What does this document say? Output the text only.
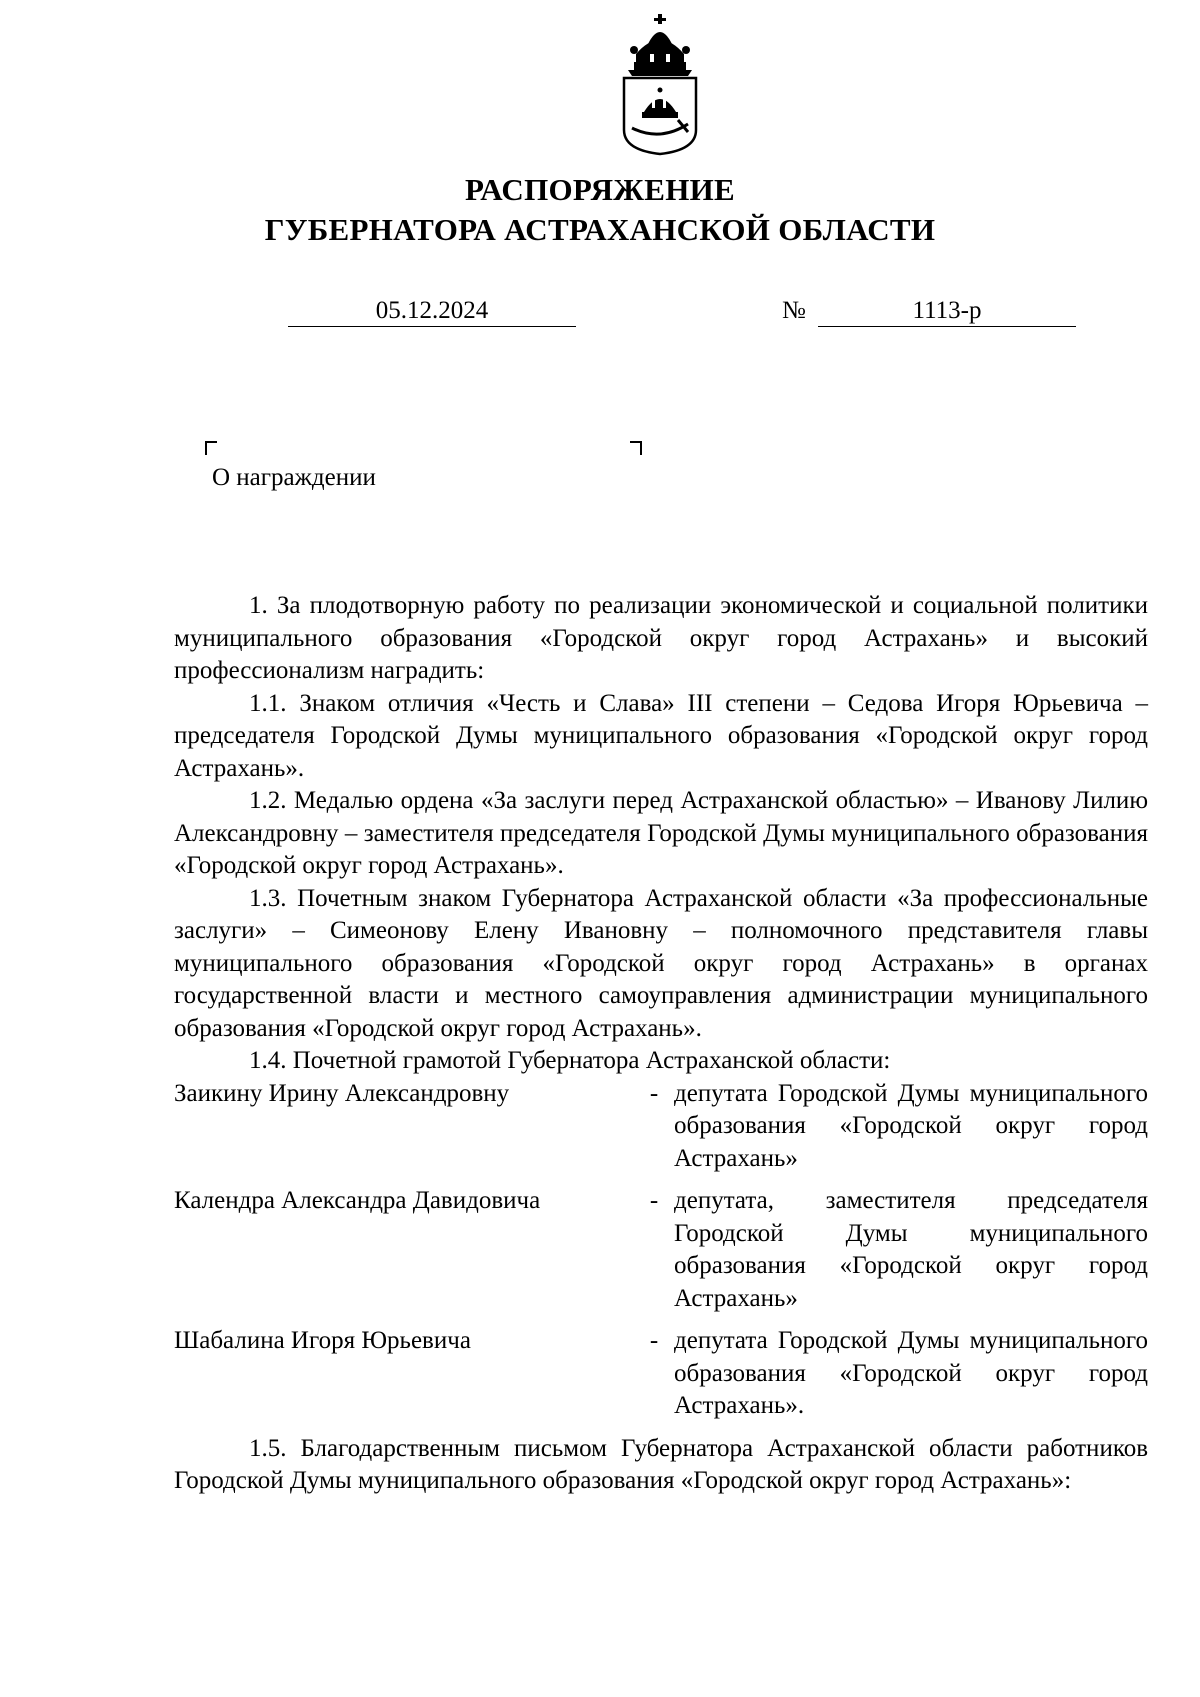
РАСПОРЯЖЕНИЕ
ГУБЕРНАТОРА АСТРАХАНСКОЙ ОБЛАСТИ
05.12.2024	№	1113-р
О награждении

1. За плодотворную работу по реализации экономической и социальной политики муниципального образования «Городской округ город Астрахань» и высокий профессионализм наградить:

1.1. Знаком отличия «Честь и Слава» III степени – Седова Игоря Юрьевича – председателя Городской Думы муниципального образования «Городской округ город Астрахань».

1.2. Медалью ордена «За заслуги перед Астраханской областью» – Иванову Лилию Александровну – заместителя председателя Городской Думы муниципального образования «Городской округ город Астрахань».

1.3. Почетным знаком Губернатора Астраханской области «За профессиональные заслуги» – Симеонову Елену Ивановну – полномочного представителя главы муниципального образования «Городской округ город Астрахань» в органах государственной власти и местного самоуправления администрации муниципального образования «Городской округ город Астрахань».

1.4. Почетной грамотой Губернатора Астраханской области:

Заикину Ирину Александровну	-	депутата Городской Думы муниципального образования «Городской округ город Астрахань»
Календра Александра Давидовича	-	депутата, заместителя председателя Городской Думы муниципального образования «Городской округ город Астрахань»
Шабалина Игоря Юрьевича	-	депутата Городской Думы муниципального образования «Городской округ город Астрахань».

1.5. Благодарственным письмом Губернатора Астраханской области работников Городской Думы муниципального образования «Городской округ город Астрахань»:
